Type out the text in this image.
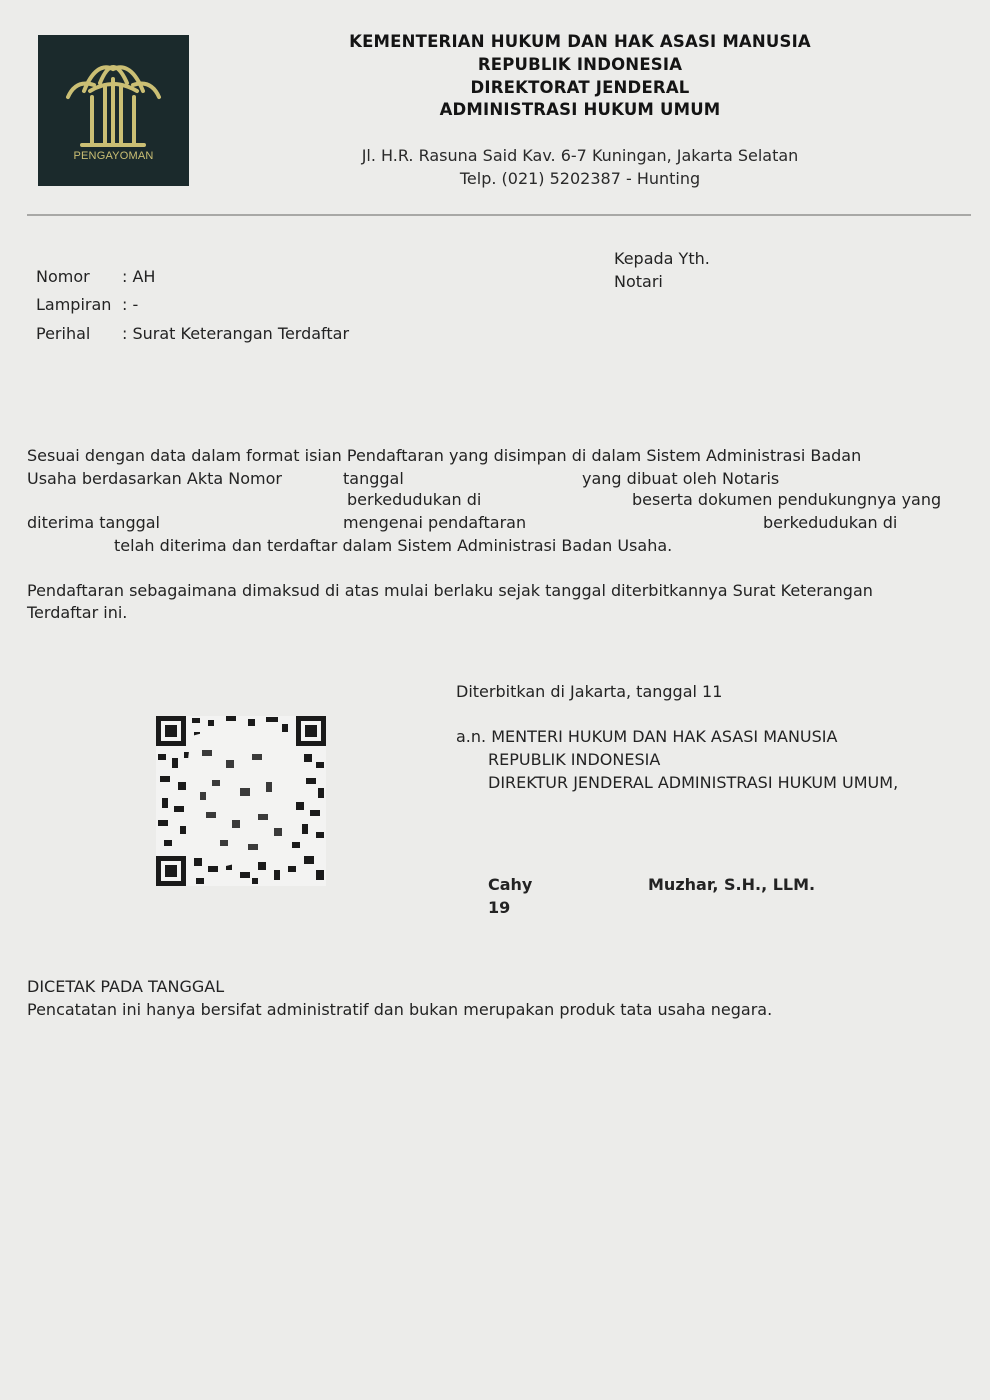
PENGAYOMAN
KEMENTERIAN HUKUM DAN HAK ASASI MANUSIA
REPUBLIK INDONESIA
DIREKTORAT JENDERAL
ADMINISTRASI HUKUM UMUM
Jl. H.R. Rasuna Said Kav. 6-7 Kuningan, Jakarta Selatan
Telp. (021) 5202387 - Hunting
Nomor : AH
Lampiran : -
Perihal : Surat Keterangan Terdaftar
Kepada Yth.
Notari
Sesuai dengan data dalam format isian Pendaftaran yang disimpan di dalam Sistem Administrasi Badan
Usaha berdasarkan Akta Nomor	tanggal	yang dibuat oleh Notaris
berkedudukan di	beserta dokumen pendukungnya yang
diterima tanggal	mengenai pendaftaran	berkedudukan di
telah diterima dan terdaftar dalam Sistem Administrasi Badan Usaha.
Pendaftaran sebagaimana dimaksud di atas mulai berlaku sejak tanggal diterbitkannya Surat Keterangan
Terdaftar ini.
Diterbitkan di Jakarta, tanggal 11
a.n. MENTERI HUKUM DAN HAK ASASI MANUSIA
REPUBLIK INDONESIA
DIREKTUR JENDERAL ADMINISTRASI HUKUM UMUM,
Cahy	Muzhar, S.H., LLM.
19
DICETAK PADA TANGGAL
Pencatatan ini hanya bersifat administratif dan bukan merupakan produk tata usaha negara.
